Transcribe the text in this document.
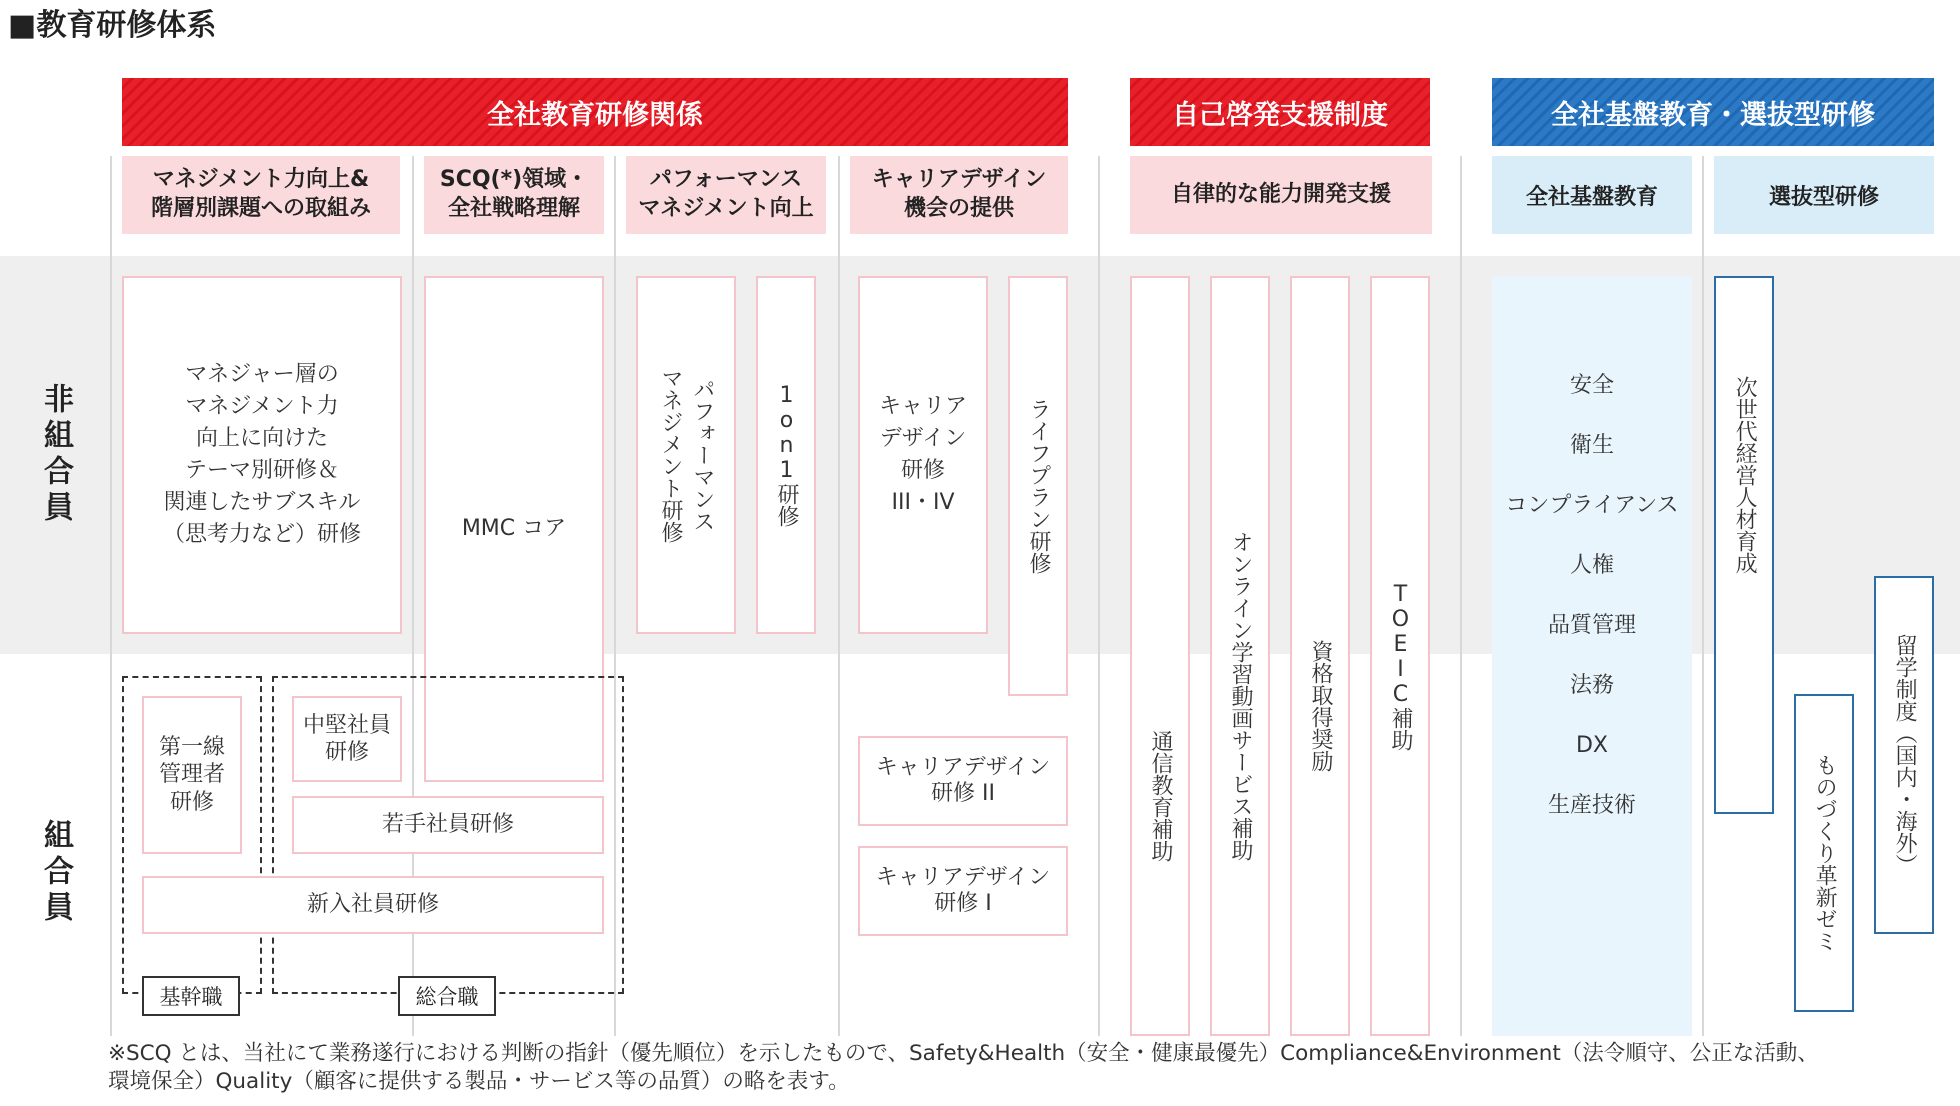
■教育研修体系
非組合員
組合員
全社教育研修関係	自己啓発支援制度	全社基盤教育・選抜型研修
マネジメント力向上&
階層別課題への取組み
SCQ(*)領域・
全社戦略理解
パフォーマンス
マネジメント向上
キャリアデザイン
機会の提供
自律的な能力開発支援	全社基盤教育	選抜型研修
マネジャー層の
マネジメント力
向上に向けた
テーマ別研修＆
関連したサブスキル
（思考力など）研修	MMC コア	パフォーマンス
マネジメント研修	1on1研修	キャリア
デザイン
研修
III・IV	ライフプラン研修
キャリアデザイン
研修 II
キャリアデザイン
研修 I
第一線
管理者
研修
中堅社員
研修
若手社員研修
新入社員研修
基幹職	総合職
通信教育補助	オンライン学習動画サービス補助	資格取得奨励	TOEIC補助
安全
衛生
コンプライアンス
人権
品質管理
法務
DX
生産技術
次世代経営人材育成
ものづくり革新ゼミ	留学制度（国内・海外）
※SCQ とは、当社にて業務遂行における判断の指針（優先順位）を示したもので、Safety&Health（安全・健康最優先）Compliance&Environment（法令順守、公正な活動、
環境保全）Quality（顧客に提供する製品・サービス等の品質）の略を表す。
